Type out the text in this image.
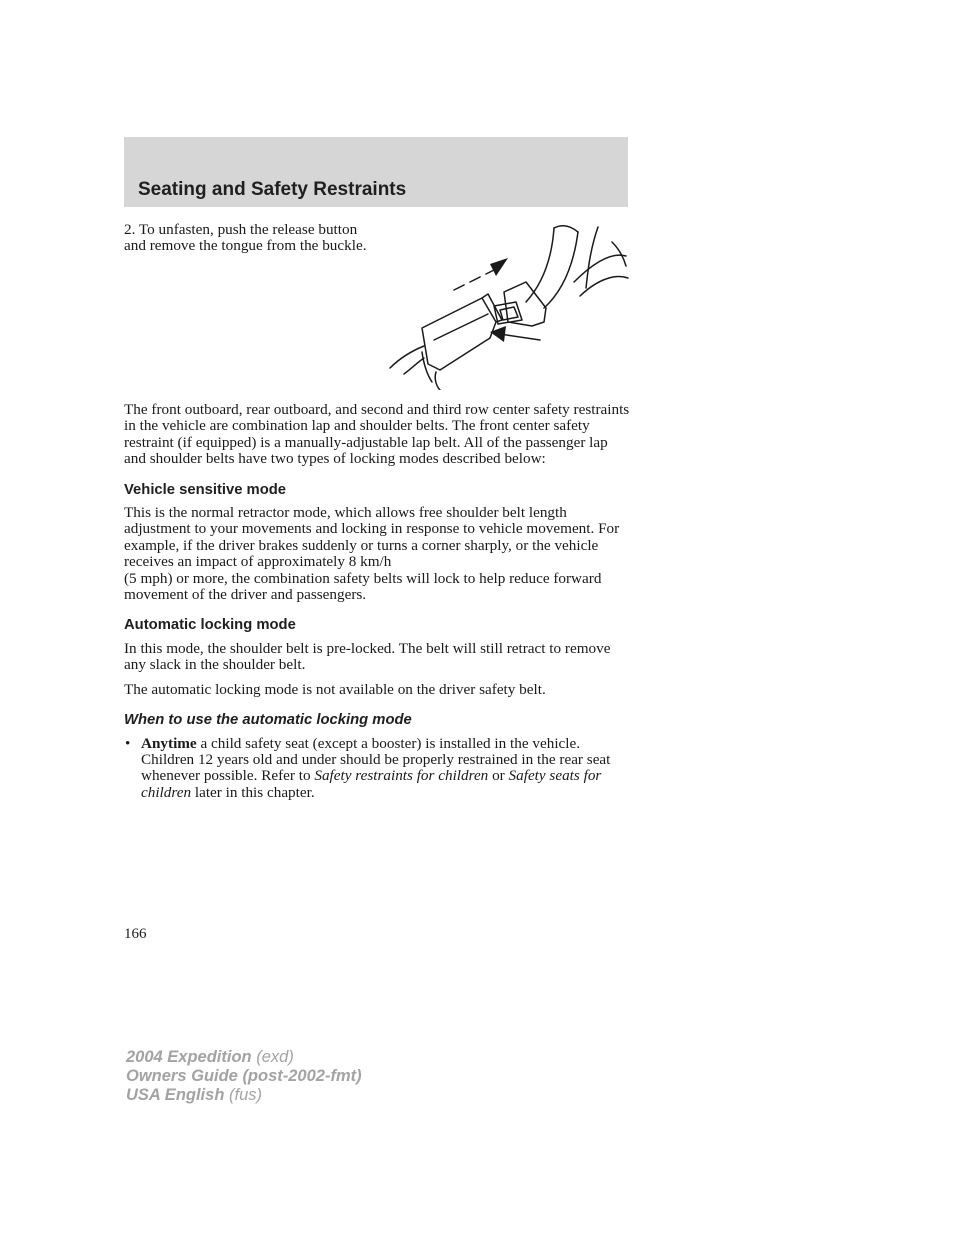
Seating and Safety Restraints

2. To unfasten, push the release button and remove the tongue from the buckle.

The front outboard, rear outboard, and second and third row center safety restraints in the vehicle are combination lap and shoulder belts. The front center safety restraint (if equipped) is a manually-adjustable lap belt. All of the passenger lap and shoulder belts have two types of locking modes described below:

Vehicle sensitive mode

This is the normal retractor mode, which allows free shoulder belt length adjustment to your movements and locking in response to vehicle movement. For example, if the driver brakes suddenly or turns a corner sharply, or the vehicle receives an impact of approximately 8 km/h
(5 mph) or more, the combination safety belts will lock to help reduce forward movement of the driver and passengers.

Automatic locking mode

In this mode, the shoulder belt is pre-locked. The belt will still retract to remove any slack in the shoulder belt.

The automatic locking mode is not available on the driver safety belt.

When to use the automatic locking mode
• Anytime a child safety seat (except a booster) is installed in the vehicle. Children 12 years old and under should be properly restrained in the rear seat whenever possible. Refer to Safety restraints for children or Safety seats for children later in this chapter.

166

2004 Expedition (exd)
Owners Guide (post-2002-fmt)
USA English (fus)
